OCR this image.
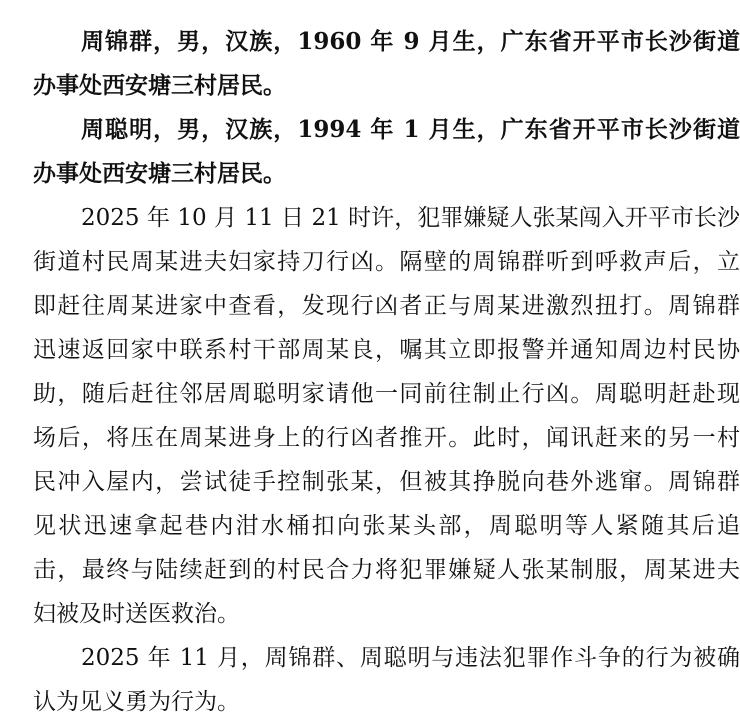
周锦群，男，汉族，1960 年 9 月生，广东省开平市长沙街道
办事处西安塘三村居民。
周聪明，男，汉族，1994 年 1 月生，广东省开平市长沙街道
办事处西安塘三村居民。
2025 年 10 月 11 日 21 时许，犯罪嫌疑人张某闯入开平市长沙
街道村民周某进夫妇家持刀行凶。隔壁的周锦群听到呼救声后，立
即赶往周某进家中查看，发现行凶者正与周某进激烈扭打。周锦群
迅速返回家中联系村干部周某良，嘱其立即报警并通知周边村民协
助，随后赶往邻居周聪明家请他一同前往制止行凶。周聪明赶赴现
场后，将压在周某进身上的行凶者推开。此时，闻讯赶来的另一村
民冲入屋内，尝试徒手控制张某，但被其挣脱向巷外逃窜。周锦群
见状迅速拿起巷内泔水桶扣向张某头部，周聪明等人紧随其后追
击，最终与陆续赶到的村民合力将犯罪嫌疑人张某制服，周某进夫
妇被及时送医救治。
2025 年 11 月，周锦群、周聪明与违法犯罪作斗争的行为被确
认为见义勇为行为。
